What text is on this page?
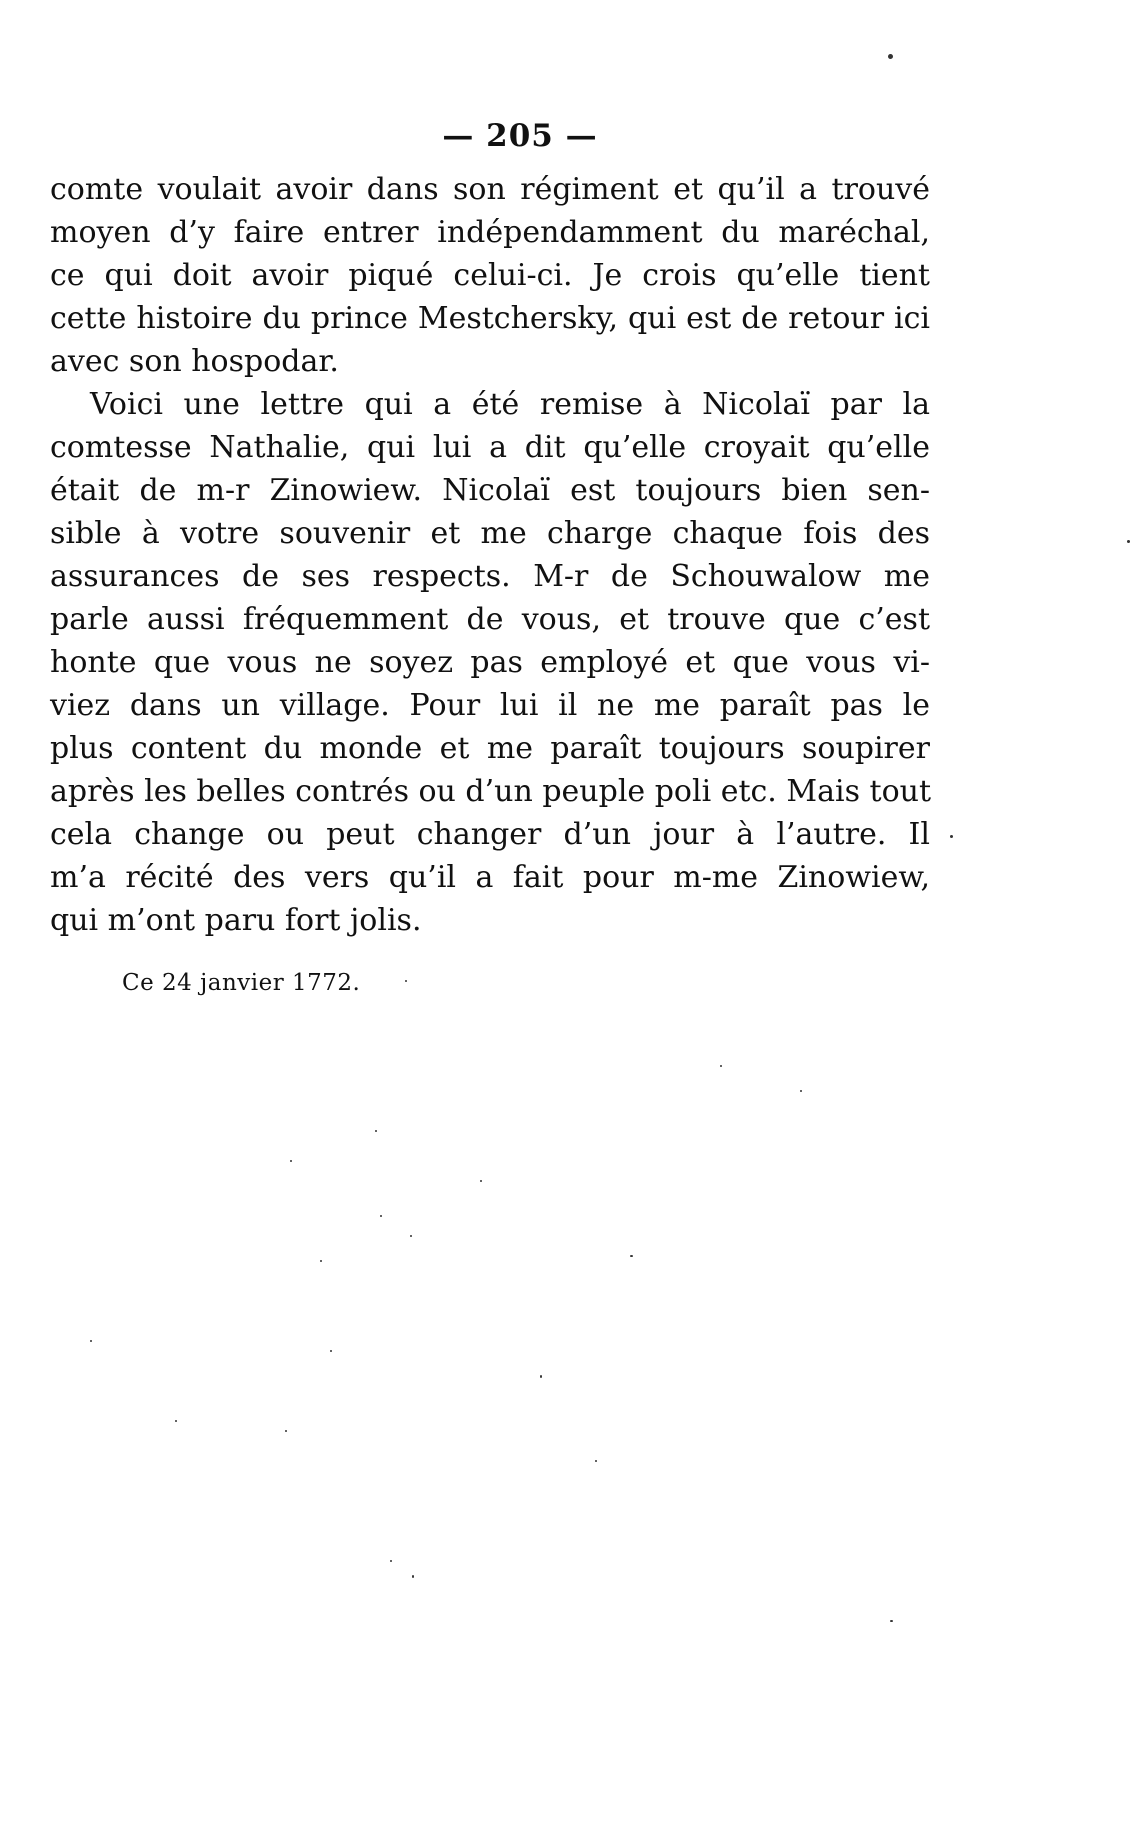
— 205 —
comte voulait avoir dans son régiment et qu’il a trouvé
moyen d’y faire entrer indépendamment du maréchal,
ce qui doit avoir piqué celui-ci. Je crois qu’elle tient
cette histoire du prince Mestchersky, qui est de retour ici
avec son hospodar.
Voici une lettre qui a été remise à Nicolaï par la
comtesse Nathalie, qui lui a dit qu’elle croyait qu’elle
était de m-r Zinowiew. Nicolaï est toujours bien sen-
sible à votre souvenir et me charge chaque fois des
assurances de ses respects. M-r de Schouwalow me
parle aussi fréquemment de vous, et trouve que c’est
honte que vous ne soyez pas employé et que vous vi-
viez dans un village. Pour lui il ne me paraît pas le
plus content du monde et me paraît toujours soupirer
après les belles contrés ou d’un peuple poli etc. Mais tout
cela change ou peut changer d’un jour à l’autre. Il
m’a récité des vers qu’il a fait pour m-me Zinowiew,
qui m’ont paru fort jolis.
Ce 24 janvier 1772.
